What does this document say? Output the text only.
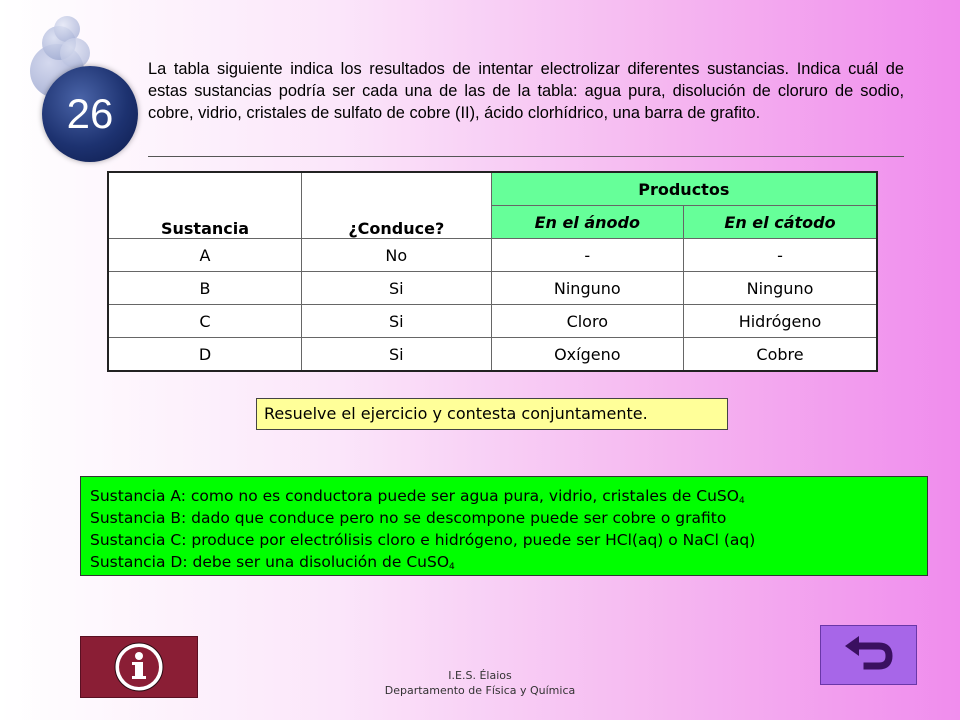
26

La tabla siguiente indica los resultados de intentar electrolizar diferentes sustancias. Indica cuál de estas sustancias podría ser cada una de las de la tabla: agua pura, disolución de cloruro de sodio, cobre, vidrio, cristales de sulfato de cobre (II), ácido clorhídrico, una barra de grafito.

Sustancia	¿Conduce?	Productos	
		En el ánodo	En el cátodo
A	No	-	-
B	Si	Ninguno	Ninguno
C	Si	Cloro	Hidrógeno
D	Si	Oxígeno	Cobre
Resuelve el ejercicio y contesta conjuntamente.
Sustancia A: como no es conductora puede ser agua pura, vidrio, cristales de CuSO$_4$
Sustancia B: dado que conduce pero no se descompone puede ser cobre o grafito
Sustancia C: produce por electrólisis cloro e hidrógeno, puede ser HCl(aq) o NaCl (aq)
Sustancia D: debe ser una disolución de CuSO$_4$
I.E.S. Élaios
Departamento de Física y Química
